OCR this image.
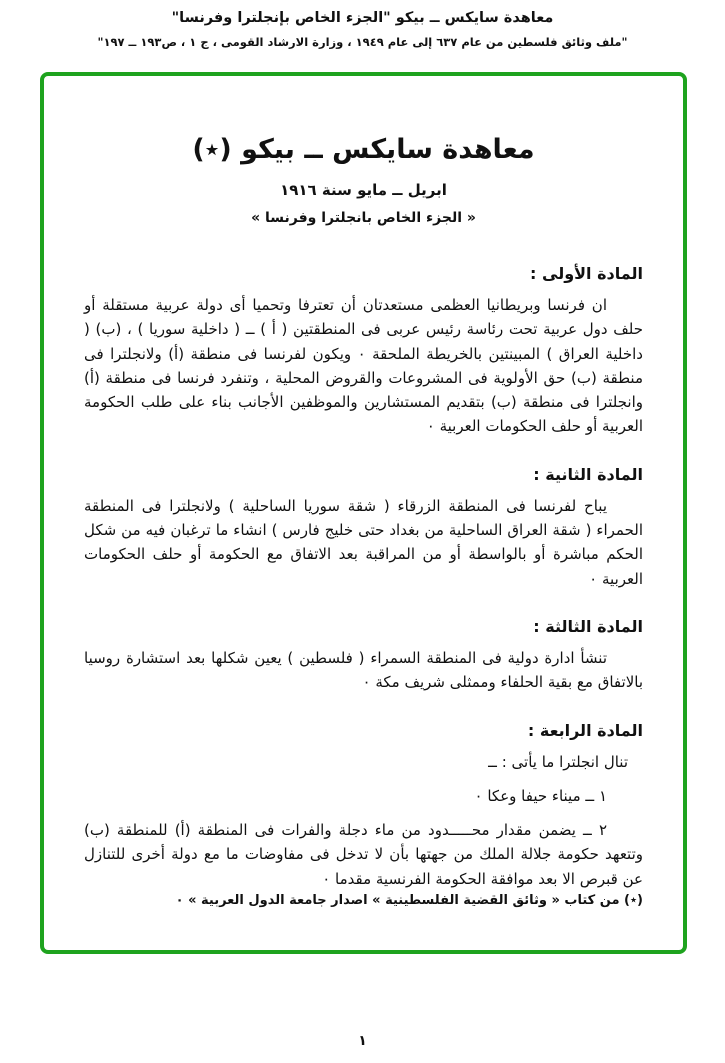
معاهدة سايكس ــ بيكو "الجزء الخاص بإنجلترا وفرنسا"
"ملف وثائق فلسطين من عام ٦٣٧ إلى عام ١٩٤٩ ، وزارة الارشاد القومى ، ج ١ ، ص١٩٣ ــ ١٩٧"
معاهدة سايكس ــ بيكو (٭)
ابريل ــ مايو سنة ١٩١٦
« الجزء الخاص بانجلترا وفرنسا »
المادة الأولى :

ان فرنسا وبريطانيا العظمى مستعدتان أن تعترفا وتحميا أى دولة عربية مستقلة أو حلف دول عربية تحت رئاسة رئيس عربى فى المنطقتين ( أ ) ــ ( داخلية سوريا ) ، (ب) ( داخلية العراق ) المبينتين بالخريطة الملحقة ۰ ويكون لفرنسا فى منطقة (أ) ولانجلترا فى منطقة (ب) حق الأولوية فى المشروعات والقروض المحلية ، وتنفرد فرنسا فى منطقة (أ) وانجلترا فى منطقة (ب) بتقديم المستشارين والموظفين الأجانب بناء على طلب الحكومة العربية أو حلف الحكومات العربية ۰

المادة الثانية :

يباح لفرنسا فى المنطقة الزرقاء ( شقة سوريا الساحلية ) ولانجلترا فى المنطقة الحمراء ( شقة العراق الساحلية من بغداد حتى خليج فارس ) انشاء ما ترغبان فيه من شكل الحكم مباشرة أو بالواسطة أو من المراقبة بعد الاتفاق مع الحكومة أو حلف الحكومات العربية ۰

المادة الثالثة :

تنشأ ادارة دولية فى المنطقة السمراء ( فلسطين ) يعين شكلها بعد استشارة روسيا بالاتفاق مع بقية الحلفاء وممثلى شريف مكة ۰

المادة الرابعة :

تنال انجلترا ما يأتى : ــ

١ ــ ميناء حيفا وعكا ۰

٢ ــ يضمن مقدار محـــــدود من ماء دجلة والفرات فى المنطقة (أ) للمنطقة (ب) وتتعهد حكومة جلالة الملك من جهتها بأن لا تدخل فى مفاوضات ما مع دولة أخرى للتنازل عن قبرص الا بعد موافقة الحكومة الفرنسية مقدما ۰

(٭) من كتاب « وثائق القضية الفلسطينية » اصدار جامعة الدول العربية » ۰
١
